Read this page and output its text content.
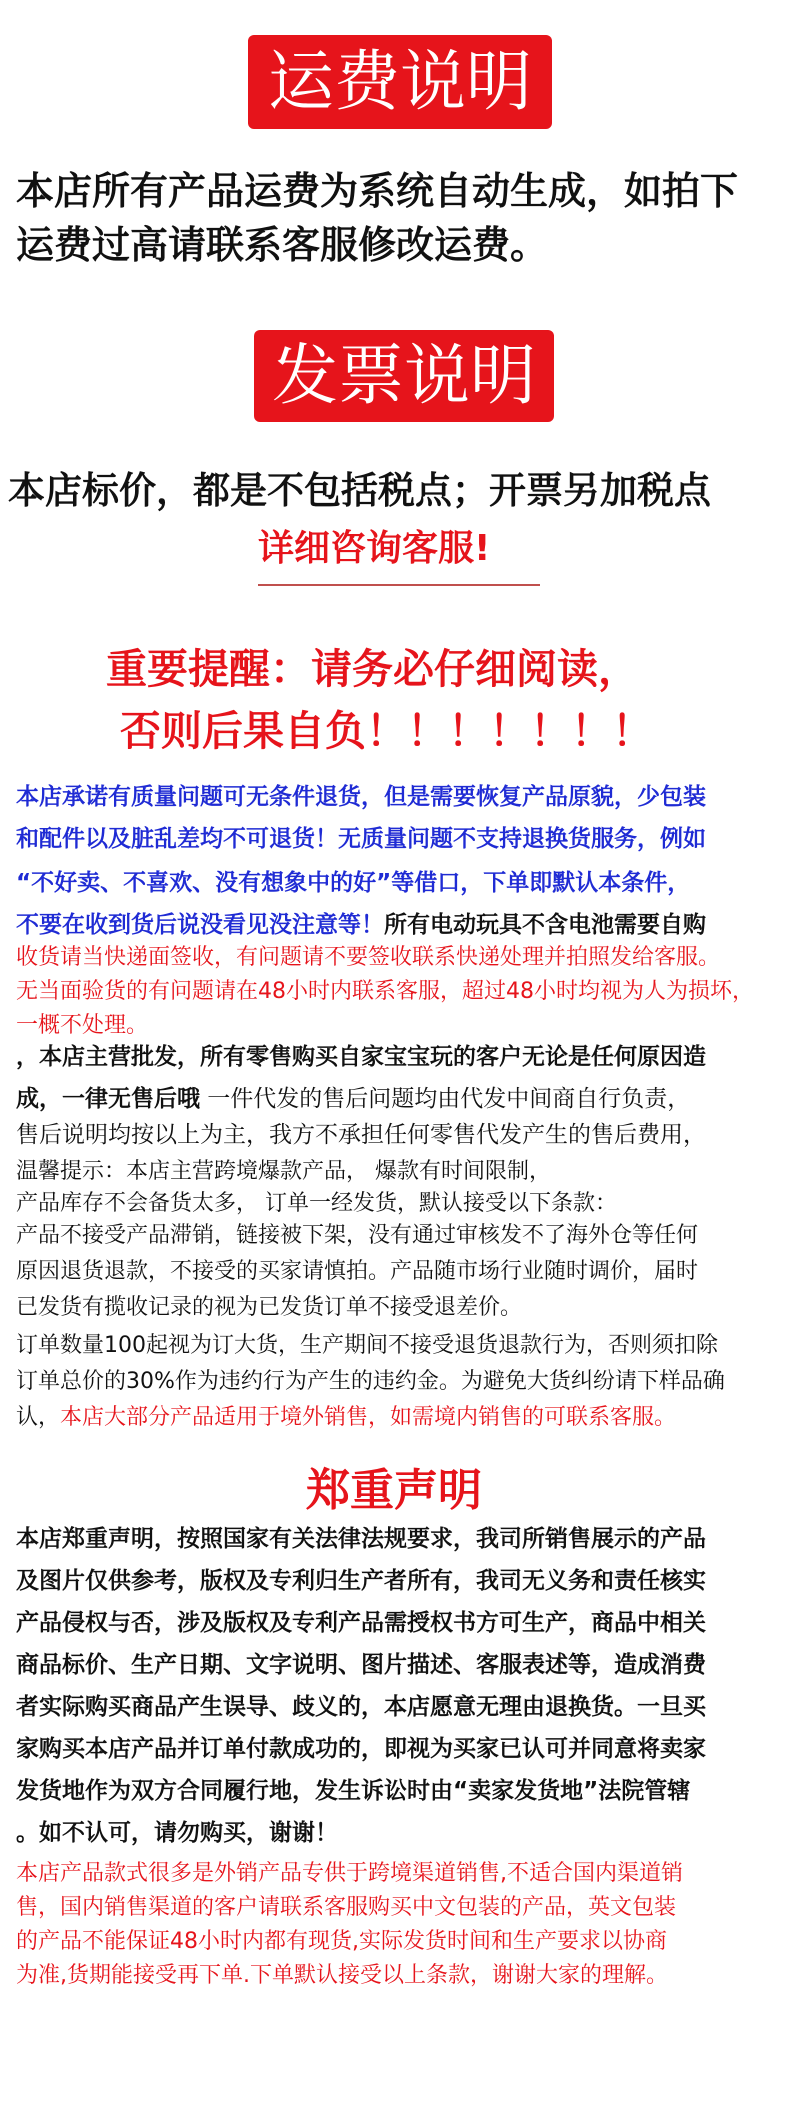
运费说明
本店所有产品运费为系统自动生成，如拍下
运费过高请联系客服修改运费。
发票说明
本店标价，都是不包括税点；开票另加税点
详细咨询客服!
重要提醒：请务必仔细阅读，
否则后果自负！！！！！！！
本店承诺有质量问题可无条件退货，但是需要恢复产品原貌，少包装
和配件以及脏乱差均不可退货！无质量问题不支持退换货服务，例如
“不好卖、不喜欢、没有想象中的好”等借口，下单即默认本条件，
不要在收到货后说没看见没注意等！所有电动玩具不含电池需要自购
收货请当快递面签收，有问题请不要签收联系快递处理并拍照发给客服。
无当面验货的有问题请在48小时内联系客服，超过48小时均视为人为损坏，
一概不处理。
，本店主营批发，所有零售购买自家宝宝玩的客户无论是任何原因造
成，一律无售后哦 一件代发的售后问题均由代发中间商自行负责，
售后说明均按以上为主，我方不承担任何零售代发产生的售后费用，
温馨提示：本店主营跨境爆款产品， 爆款有时间限制，
产品库存不会备货太多， 订单一经发货，默认接受以下条款：
产品不接受产品滞销，链接被下架，没有通过审核发不了海外仓等任何
原因退货退款，不接受的买家请慎拍。产品随市场行业随时调价，届时
已发货有揽收记录的视为已发货订单不接受退差价。
订单数量100起视为订大货，生产期间不接受退货退款行为，否则须扣除
订单总价的30%作为违约行为产生的违约金。为避免大货纠纷请下样品确
认，本店大部分产品适用于境外销售，如需境内销售的可联系客服。
郑重声明
本店郑重声明，按照国家有关法律法规要求，我司所销售展示的产品
及图片仅供参考，版权及专利归生产者所有，我司无义务和责任核实
产品侵权与否，涉及版权及专利产品需授权书方可生产，商品中相关
商品标价、生产日期、文字说明、图片描述、客服表述等，造成消费
者实际购买商品产生误导、歧义的，本店愿意无理由退换货。一旦买
家购买本店产品并订单付款成功的，即视为买家已认可并同意将卖家
发货地作为双方合同履行地，发生诉讼时由“卖家发货地”法院管辖
。如不认可，请勿购买，谢谢！
本店产品款式很多是外销产品专供于跨境渠道销售,不适合国内渠道销
售，国内销售渠道的客户请联系客服购买中文包装的产品，英文包装
的产品不能保证48小时内都有现货,实际发货时间和生产要求以协商
为准,货期能接受再下单.下单默认接受以上条款，谢谢大家的理解。
